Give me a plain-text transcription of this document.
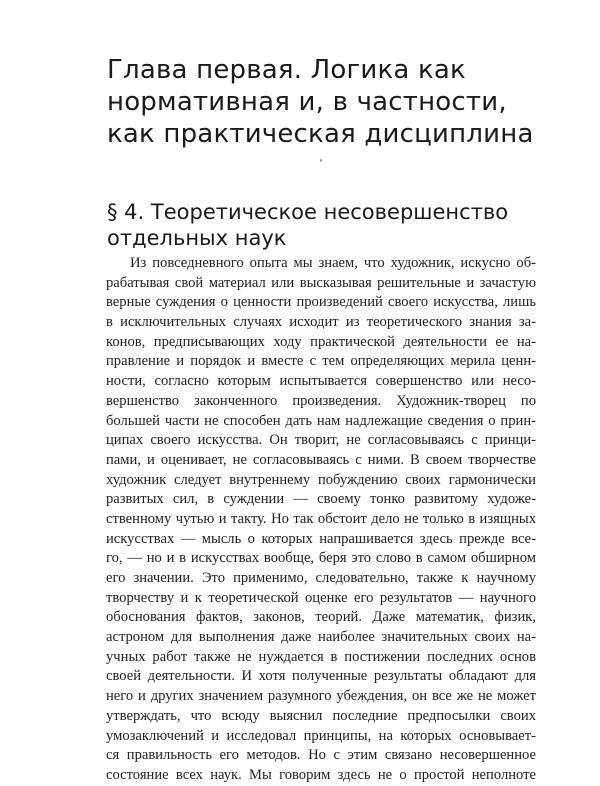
Глава первая. Логика как
нормативная и, в частности,
как практическая дисциплина
§ 4. Теоретическое несовершенство
отдельных наук
Из повседневного опыта мы знаем, что художник, искусно об-
рабатывая свой материал или высказывая решительные и зачастую
верные суждения о ценности произведений своего искусства, лишь
в исключительных случаях исходит из теоретического знания за-
конов, предписывающих ходу практической деятельности ее на-
правление и порядок и вместе с тем определяющих мерила ценн-
ности, согласно которым испытывается совершенство или несо-
вершенство законченного произведения. Художник-творец по
большей части не способен дать нам надлежащие сведения о прин-
ципах своего искусства. Он творит, не согласовываясь с принци-
пами, и оценивает, не согласовываясь с ними. В своем творчестве
художник следует внутреннему побуждению своих гармонически
развитых сил, в суждении — своему тонко развитому художе-
ственному чутью и такту. Но так обстоит дело не только в изящных
искусствах — мысль о которых напрашивается здесь прежде все-
го, — но и в искусствах вообще, беря это слово в самом обширном
его значении. Это применимо, следовательно, также к научному
творчеству и к теоретической оценке его результатов — научного
обоснования фактов, законов, теорий. Даже математик, физик,
астроном для выполнения даже наиболее значительных своих на-
учных работ также не нуждается в постижении последних основ
своей деятельности. И хотя полученные результаты обладают для
него и других значением разумного убеждения, он все же не может
утверждать, что всюду выяснил последние предпосылки своих
умозаключений и исследовал принципы, на которых основывает-
ся правильность его методов. Но с этим связано несовершенное
состояние всех наук. Мы говорим здесь не о простой неполноте
